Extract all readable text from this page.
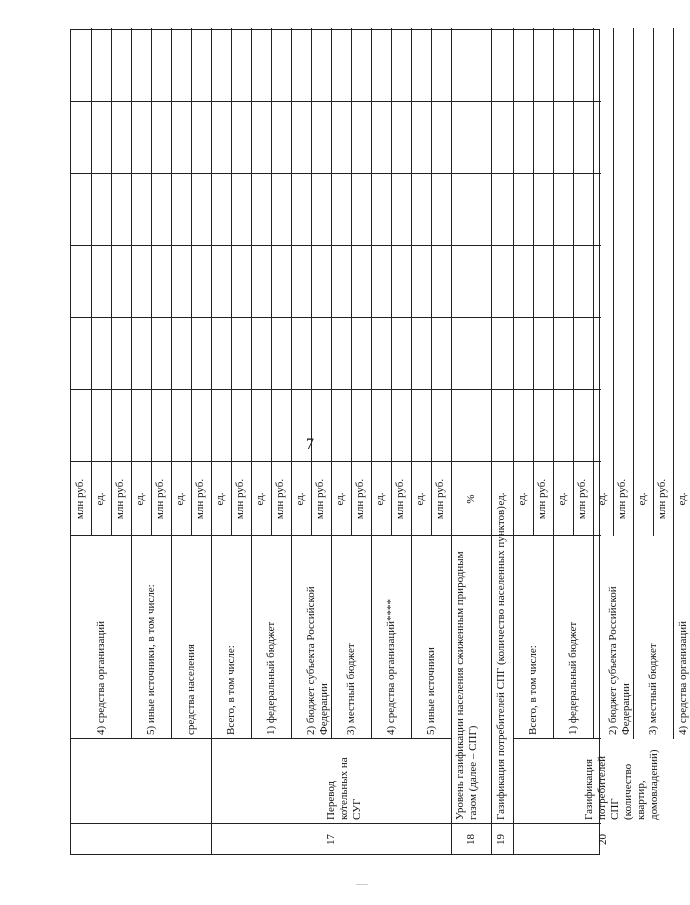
7
млн руб. ед. млн руб.
4) средства организаций
ед. млн руб.
5) иные источники, в том числе:
ед. млн руб.
средства населения
ед. млн руб.
Всего, в том числе:
ед. млн руб.
1) федеральный бюджет
ед. млн руб.
2) бюджет субъекта Российской Федерации
ед. млн руб.
3) местный бюджет
ед. млн руб.
4) средства организаций****
ед. млн руб.
5) иные источники
17
Перевод котельных на СУГ
18
Уровень газификации населения сжиженным природным газом (далее – СПГ)
%
19
Газификация потребителей СПГ (количество населенных пунктов)
ед. ед. млн руб.
Всего, в том числе:
ед. млн руб.
1) федеральный бюджет
ед. млн руб.
2) бюджет субъекта Российской Федерации
ед. млн руб.
3) местный бюджет
ед.
4) средства организаций
20
Газификация потребителей СПГ (количество квартир, домовладений)
